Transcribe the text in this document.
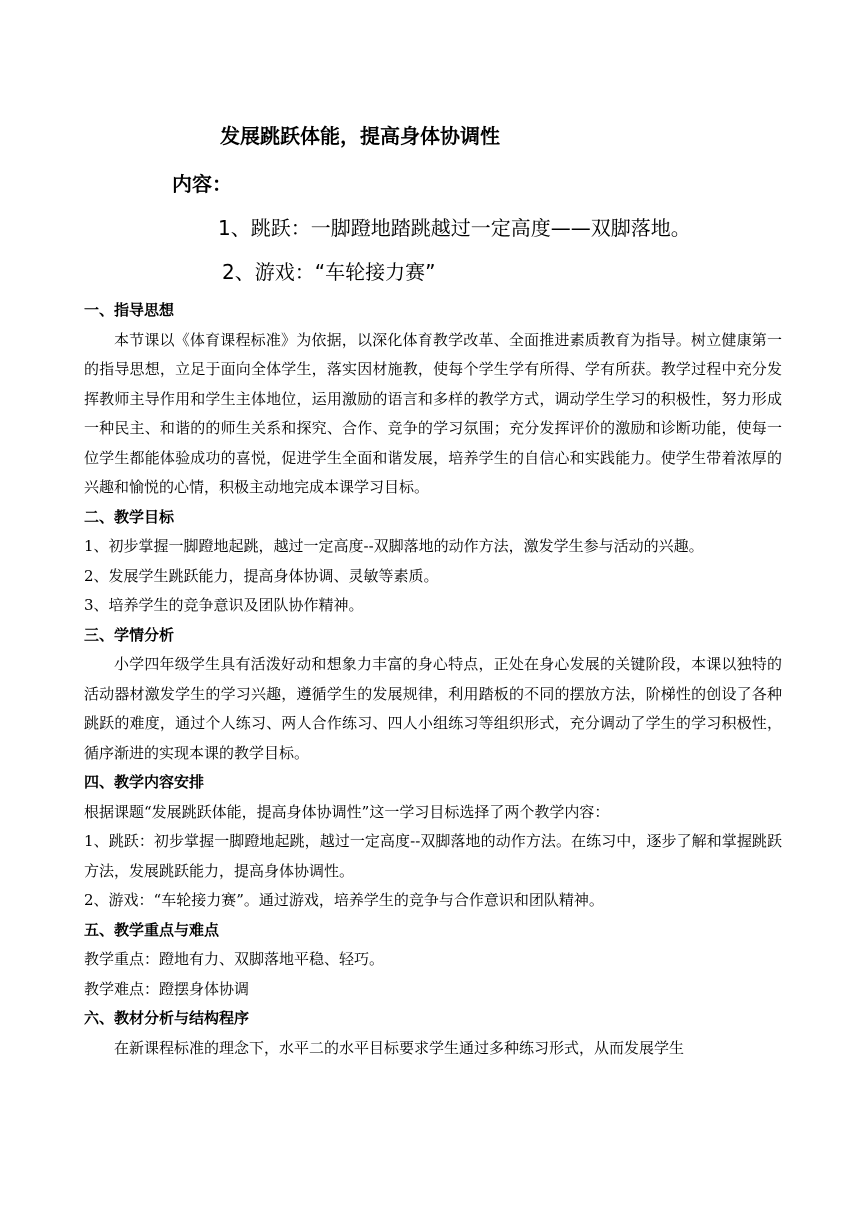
发展跳跃体能，提高身体协调性
内容：
1、跳跃：一脚蹬地踏跳越过一定高度——双脚落地。
2、游戏：“车轮接力赛”

一、指导思想

本节课以《体育课程标准》为依据，以深化体育教学改革、全面推进素质教育为指导。树立健康第一的指导思想，立足于面向全体学生，落实因材施教，使每个学生学有所得、学有所获。教学过程中充分发挥教师主导作用和学生主体地位，运用激励的语言和多样的教学方式，调动学生学习的积极性，努力形成一种民主、和谐的的师生关系和探究、合作、竞争的学习氛围；充分发挥评价的激励和诊断功能，使每一位学生都能体验成功的喜悦，促进学生全面和谐发展，培养学生的自信心和实践能力。使学生带着浓厚的兴趣和愉悦的心情，积极主动地完成本课学习目标。

二、教学目标

1、初步掌握一脚蹬地起跳，越过一定高度--双脚落地的动作方法，激发学生参与活动的兴趣。

2、发展学生跳跃能力，提高身体协调、灵敏等素质。

3、培养学生的竞争意识及团队协作精神。

三、学情分析

小学四年级学生具有活泼好动和想象力丰富的身心特点，正处在身心发展的关键阶段，本课以独特的活动器材激发学生的学习兴趣，遵循学生的发展规律，利用踏板的不同的摆放方法，阶梯性的创设了各种跳跃的难度，通过个人练习、两人合作练习、四人小组练习等组织形式，充分调动了学生的学习积极性，循序渐进的实现本课的教学目标。

四、教学内容安排

根据课题“发展跳跃体能，提高身体协调性”这一学习目标选择了两个教学内容：

1、跳跃：初步掌握一脚蹬地起跳，越过一定高度--双脚落地的动作方法。在练习中，逐步了解和掌握跳跃方法，发展跳跃能力，提高身体协调性。

2、游戏：“车轮接力赛”。通过游戏，培养学生的竞争与合作意识和团队精神。

五、教学重点与难点

教学重点：蹬地有力、双脚落地平稳、轻巧。

教学难点：蹬摆身体协调

六、教材分析与结构程序

在新课程标准的理念下，水平二的水平目标要求学生通过多种练习形式，从而发展学生
